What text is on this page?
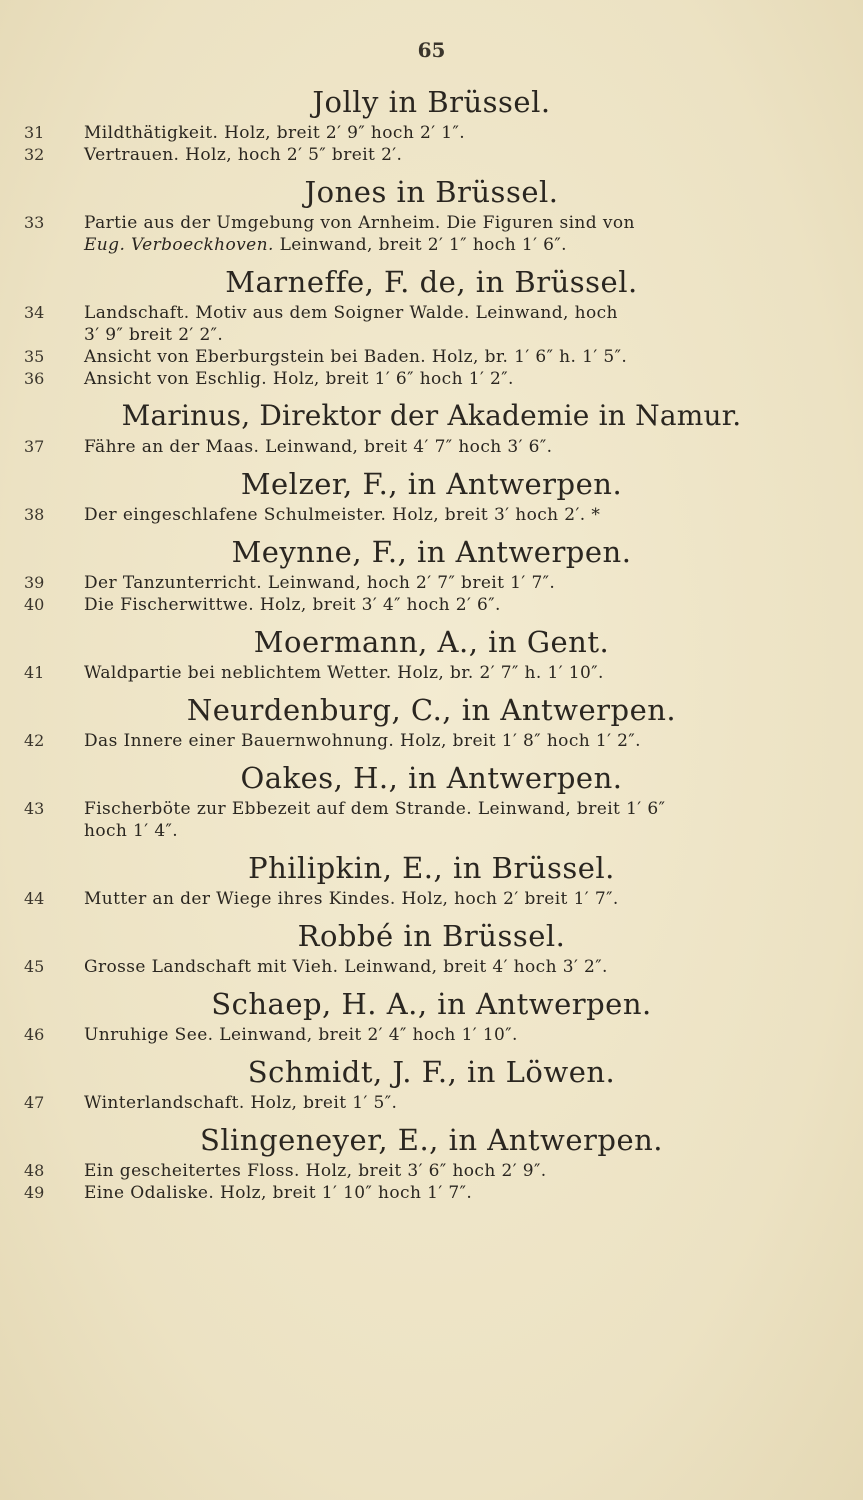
65
Jolly in Brüssel.
31	Mildthätigkeit. Holz, breit 2′ 9″ hoch 2′ 1″.
32	Vertrauen. Holz, hoch 2′ 5″ breit 2′.
Jones in Brüssel.
33	Partie aus der Umgebung von Arnheim. Die Figuren sind von
Eug. Verboeckhoven. Leinwand, breit 2′ 1″ hoch 1′ 6″.
Marneffe, F. de, in Brüssel.
34	Landschaft. Motiv aus dem Soigner Walde. Leinwand, hoch
3′ 9″ breit 2′ 2″.
35	Ansicht von Eberburgstein bei Baden. Holz, br. 1′ 6″ h. 1′ 5″.
36	Ansicht von Eschlig. Holz, breit 1′ 6″ hoch 1′ 2″.
Marinus, Direktor der Akademie in Namur.
37	Fähre an der Maas. Leinwand, breit 4′ 7″ hoch 3′ 6″.
Melzer, F., in Antwerpen.
38	Der eingeschlafene Schulmeister. Holz, breit 3′ hoch 2′. *
Meynne, F., in Antwerpen.
39	Der Tanzunterricht. Leinwand, hoch 2′ 7″ breit 1′ 7″.
40	Die Fischerwittwe. Holz, breit 3′ 4″ hoch 2′ 6″.
Moermann, A., in Gent.
41	Waldpartie bei neblichtem Wetter. Holz, br. 2′ 7″ h. 1′ 10″.
Neurdenburg, C., in Antwerpen.
42	Das Innere einer Bauernwohnung. Holz, breit 1′ 8″ hoch 1′ 2″.
Oakes, H., in Antwerpen.
43	Fischerböte zur Ebbezeit auf dem Strande. Leinwand, breit 1′ 6″
hoch 1′ 4″.
Philipkin, E., in Brüssel.
44	Mutter an der Wiege ihres Kindes. Holz, hoch 2′ breit 1′ 7″.
Robbé in Brüssel.
45	Grosse Landschaft mit Vieh. Leinwand, breit 4′ hoch 3′ 2″.
Schaep, H. A., in Antwerpen.
46	Unruhige See. Leinwand, breit 2′ 4″ hoch 1′ 10″.
Schmidt, J. F., in Löwen.
47	Winterlandschaft. Holz, breit 1′ 5″.
Slingeneyer, E., in Antwerpen.
48	Ein gescheitertes Floss. Holz, breit 3′ 6″ hoch 2′ 9″.
49	Eine Odaliske. Holz, breit 1′ 10″ hoch 1′ 7″.
